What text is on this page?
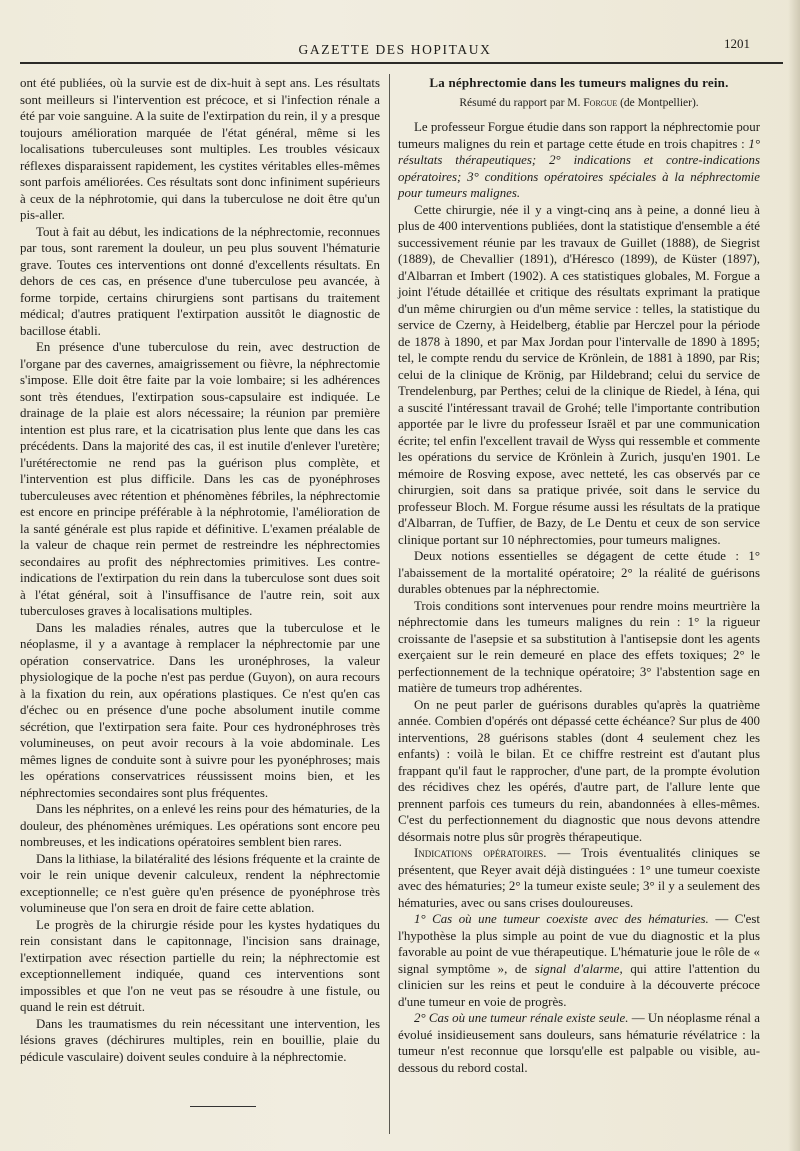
GAZETTE DES HOPITAUX	1201

ont été publiées, où la survie est de dix-huit à sept ans. Les résultats sont meilleurs si l'intervention est précoce, et si l'infection rénale a été par voie sanguine. A la suite de l'extirpation du rein, il y a presque toujours amélioration marquée de l'état général, même si les localisations tuberculeuses sont multiples. Les troubles vésicaux réflexes disparaissent rapidement, les cystites véritables elles-mêmes sont parfois améliorées. Ces résultats sont donc infiniment supérieurs à ceux de la néphrotomie, qui dans la tuberculose ne doit être qu'un pis-aller.

Tout à fait au début, les indications de la néphrectomie, reconnues par tous, sont rarement la douleur, un peu plus souvent l'hématurie grave. Toutes ces interventions ont donné d'excellents résultats. En dehors de ces cas, en présence d'une tuberculose peu avancée, à forme torpide, certains chirurgiens sont partisans du traitement médical; d'autres pratiquent l'extirpation aussitôt le diagnostic de bacillose établi.

En présence d'une tuberculose du rein, avec destruction de l'organe par des cavernes, amaigrissement ou fièvre, la néphrectomie s'impose. Elle doit être faite par la voie lombaire; si les adhérences sont très étendues, l'extirpation sous-capsulaire est indiquée. Le drainage de la plaie est alors nécessaire; la réunion par première intention est plus rare, et la cicatrisation plus lente que dans les cas précédents. Dans la majorité des cas, il est inutile d'enlever l'uretère; l'urétérectomie ne rend pas la guérison plus complète, et l'intervention est plus difficile. Dans les cas de pyonéphroses tuberculeuses avec rétention et phénomènes fébriles, la néphrectomie est encore en principe préférable à la néphrotomie, l'amélioration de la santé générale est plus rapide et définitive. L'examen préalable de la valeur de chaque rein permet de restreindre les néphrectomies secondaires au profit des néphrectomies primitives. Les contre-indications de l'extirpation du rein dans la tuberculose sont dues soit à l'état général, soit à l'insuffisance de l'autre rein, soit aux tuberculoses graves à localisations multiples.

Dans les maladies rénales, autres que la tuberculose et le néoplasme, il y a avantage à remplacer la néphrectomie par une opération conservatrice. Dans les uronéphroses, la valeur physiologique de la poche n'est pas perdue (Guyon), on aura recours à la fixation du rein, aux opérations plastiques. Ce n'est qu'en cas d'échec ou en présence d'une poche absolument inutile comme sécrétion, que l'extirpation sera faite. Pour ces hydronéphroses très volumineuses, on peut avoir recours à la voie abdominale. Les mêmes lignes de conduite sont à suivre pour les pyonéphroses; mais les opérations conservatrices réussissent moins bien, et les néphrectomies secondaires sont plus fréquentes.

Dans les néphrites, on a enlevé les reins pour des hématuries, de la douleur, des phénomènes urémiques. Les opérations sont encore peu nombreuses, et les indications opératoires semblent bien rares.

Dans la lithiase, la bilatéralité des lésions fréquente et la crainte de voir le rein unique devenir calculeux, rendent la néphrectomie exceptionnelle; ce n'est guère qu'en présence de pyonéphrose très volumineuse que l'on sera en droit de faire cette ablation.

Le progrès de la chirurgie réside pour les kystes hydatiques du rein consistant dans le capitonnage, l'incision sans drainage, l'extirpation avec résection partielle du rein; la néphrectomie est exceptionnellement indiquée, quand ces interventions sont impossibles et que l'on ne veut pas se résoudre à une fistule, ou quand le rein est détruit.

Dans les traumatismes du rein nécessitant une intervention, les lésions graves (déchirures multiples, rein en bouillie, plaie du pédicule vasculaire) doivent seules conduire à la néphrectomie.

La néphrectomie dans les tumeurs malignes du rein.
Résumé du rapport par M. Forgue (de Montpellier).

Le professeur Forgue étudie dans son rapport la néphrectomie pour tumeurs malignes du rein et partage cette étude en trois chapitres : 1° résultats thérapeutiques; 2° indications et contre-indications opératoires; 3° conditions opératoires spéciales à la néphrectomie pour tumeurs malignes.

Cette chirurgie, née il y a vingt-cinq ans à peine, a donné lieu à plus de 400 interventions publiées, dont la statistique d'ensemble a été successivement réunie par les travaux de Guillet (1888), de Siegrist (1889), de Chevallier (1891), d'Héresco (1899), de Küster (1897), d'Albarran et Imbert (1902). A ces statistiques globales, M. Forgue a joint l'étude détaillée et critique des résultats exprimant la pratique d'un même chirurgien ou d'un même service : telles, la statistique du service de Czerny, à Heidelberg, établie par Herczel pour la période de 1878 à 1890, et par Max Jordan pour l'intervalle de 1890 à 1895; tel, le compte rendu du service de Krönlein, de 1881 à 1890, par Ris; celui de la clinique de Krönig, par Hildebrand; celui du service de Trendelenburg, par Perthes; celui de la clinique de Riedel, à Iéna, qui a suscité l'intéressant travail de Grohé; telle l'importante contribution apportée par le livre du professeur Israël et par une communication écrite; tel enfin l'excellent travail de Wyss qui ressemble et commente les opérations du service de Krönlein à Zurich, jusqu'en 1901. Le mémoire de Rosving expose, avec netteté, les cas observés par ce chirurgien, soit dans sa pratique privée, soit dans le service du professeur Bloch. M. Forgue résume aussi les résultats de la pratique d'Albarran, de Tuffier, de Bazy, de Le Dentu et ceux de son service clinique portant sur 10 néphrectomies, pour tumeurs malignes.

Deux notions essentielles se dégagent de cette étude : 1° l'abaissement de la mortalité opératoire; 2° la réalité de guérisons durables obtenues par la néphrectomie.

Trois conditions sont intervenues pour rendre moins meurtrière la néphrectomie dans les tumeurs malignes du rein : 1° la rigueur croissante de l'asepsie et sa substitution à l'antisepsie dont les agents exerçaient sur le rein demeuré en place des effets toxiques; 2° le perfectionnement de la technique opératoire; 3° l'abstention sage en matière de tumeurs trop adhérentes.

On ne peut parler de guérisons durables qu'après la quatrième année. Combien d'opérés ont dépassé cette échéance? Sur plus de 400 interventions, 28 guérisons stables (dont 4 seulement chez les enfants) : voilà le bilan. Et ce chiffre restreint est d'autant plus frappant qu'il faut le rapprocher, d'une part, de la prompte évolution des récidives chez les opérés, d'autre part, de l'allure lente que prennent parfois ces tumeurs du rein, abandonnées à elles-mêmes. C'est du perfectionnement du diagnostic que nous devons attendre désormais notre plus sûr progrès thérapeutique.

Indications opératoires. — Trois éventualités cliniques se présentent, que Reyer avait déjà distinguées : 1° une tumeur coexiste avec des hématuries; 2° la tumeur existe seule; 3° il y a seulement des hématuries, avec ou sans crises douloureuses.

1° Cas où une tumeur coexiste avec des hématuries. — C'est l'hypothèse la plus simple au point de vue du diagnostic et la plus favorable au point de vue thérapeutique. L'hématurie joue le rôle de « signal symptôme », de signal d'alarme, qui attire l'attention du clinicien sur les reins et peut le conduire à la découverte précoce d'une tumeur en voie de progrès.

2° Cas où une tumeur rénale existe seule. — Un néoplasme rénal a évolué insidieusement sans douleurs, sans hématurie révélatrice : la tumeur n'est reconnue que lorsqu'elle est palpable ou visible, au-dessous du rebord costal.
